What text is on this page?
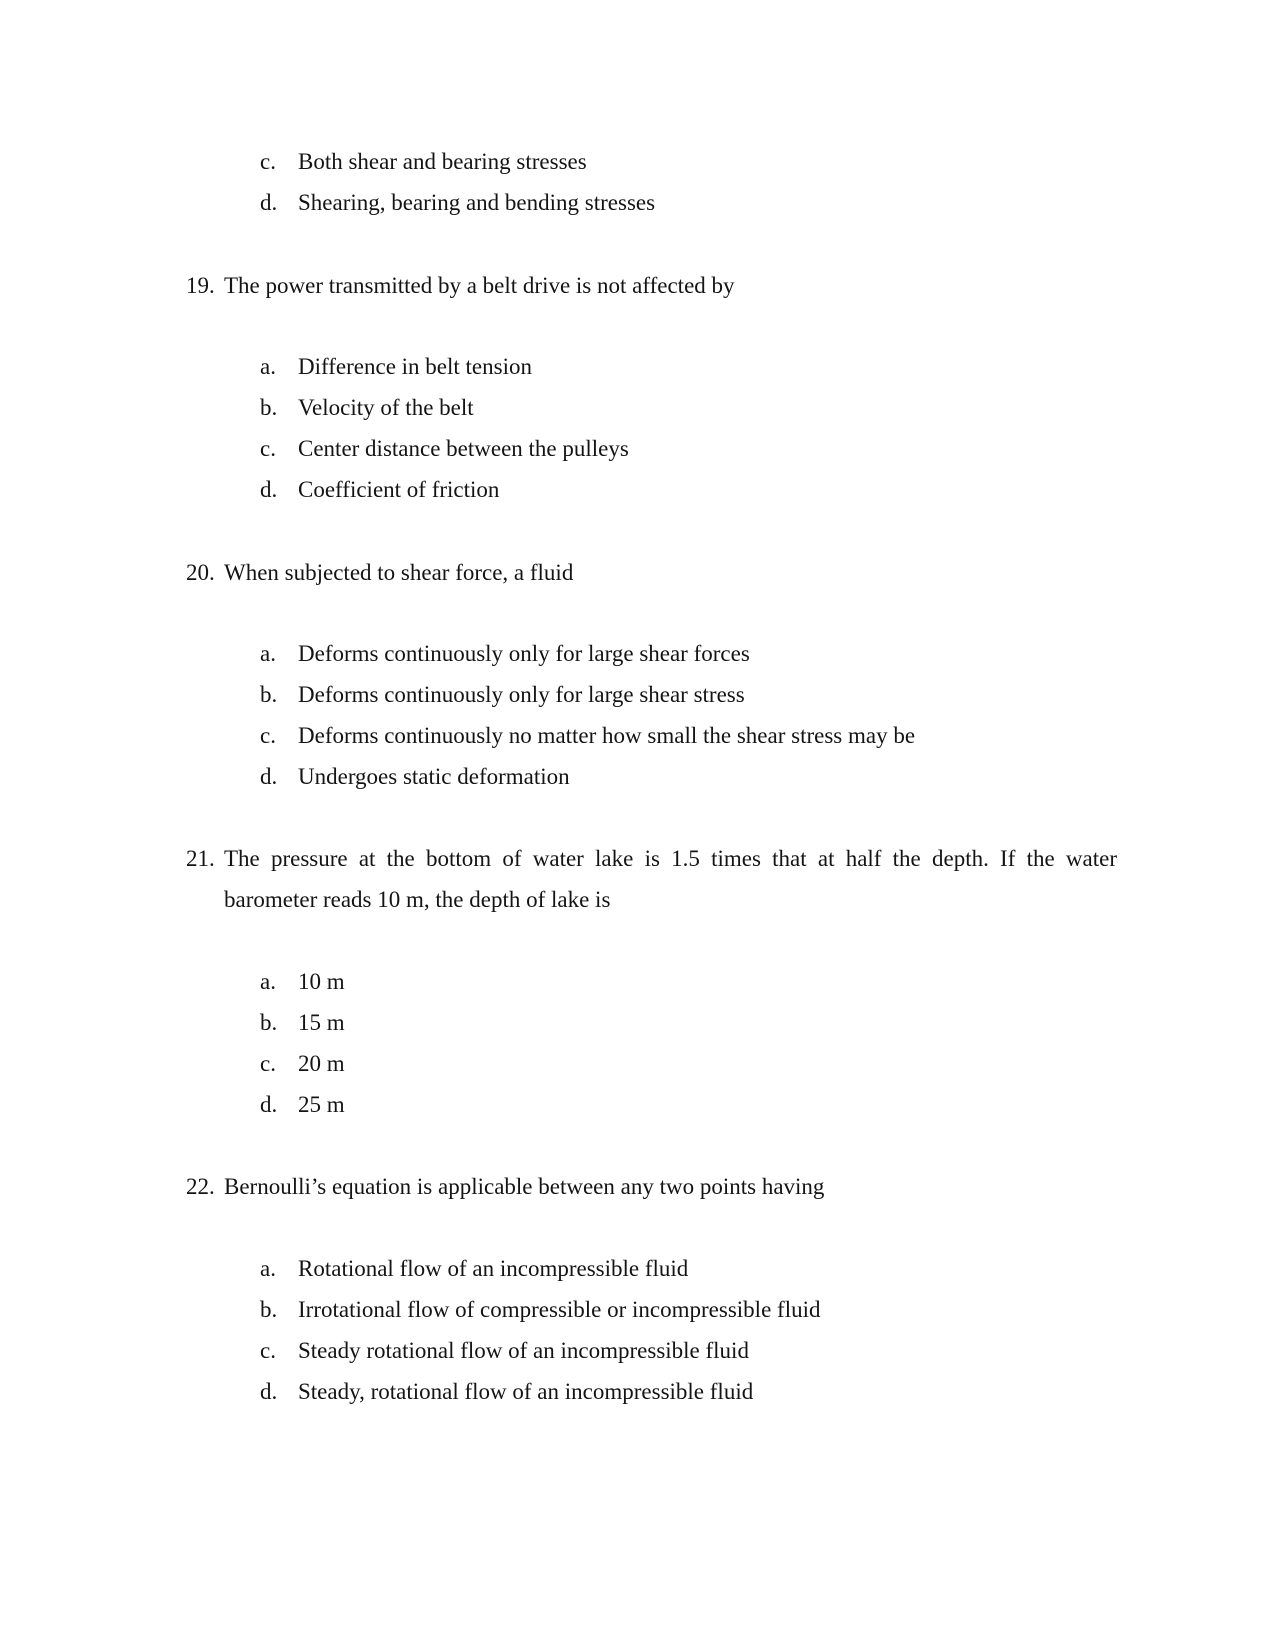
c. Both shear and bearing stresses
d. Shearing, bearing and bending stresses
19. The power transmitted by a belt drive is not affected by
a. Difference in belt tension
b. Velocity of the belt
c. Center distance between the pulleys
d. Coefficient of friction
20. When subjected to shear force, a fluid
a. Deforms continuously only for large shear forces
b. Deforms continuously only for large shear stress
c. Deforms continuously no matter how small the shear stress may be
d. Undergoes static deformation
21. The pressure at the bottom of water lake is 1.5 times that at half the depth. If the water
barometer reads 10 m, the depth of lake is
a. 10 m
b. 15 m
c. 20 m
d. 25 m
22. Bernoulli’s equation is applicable between any two points having
a. Rotational flow of an incompressible fluid
b. Irrotational flow of compressible or incompressible fluid
c. Steady rotational flow of an incompressible fluid
d. Steady, rotational flow of an incompressible fluid
